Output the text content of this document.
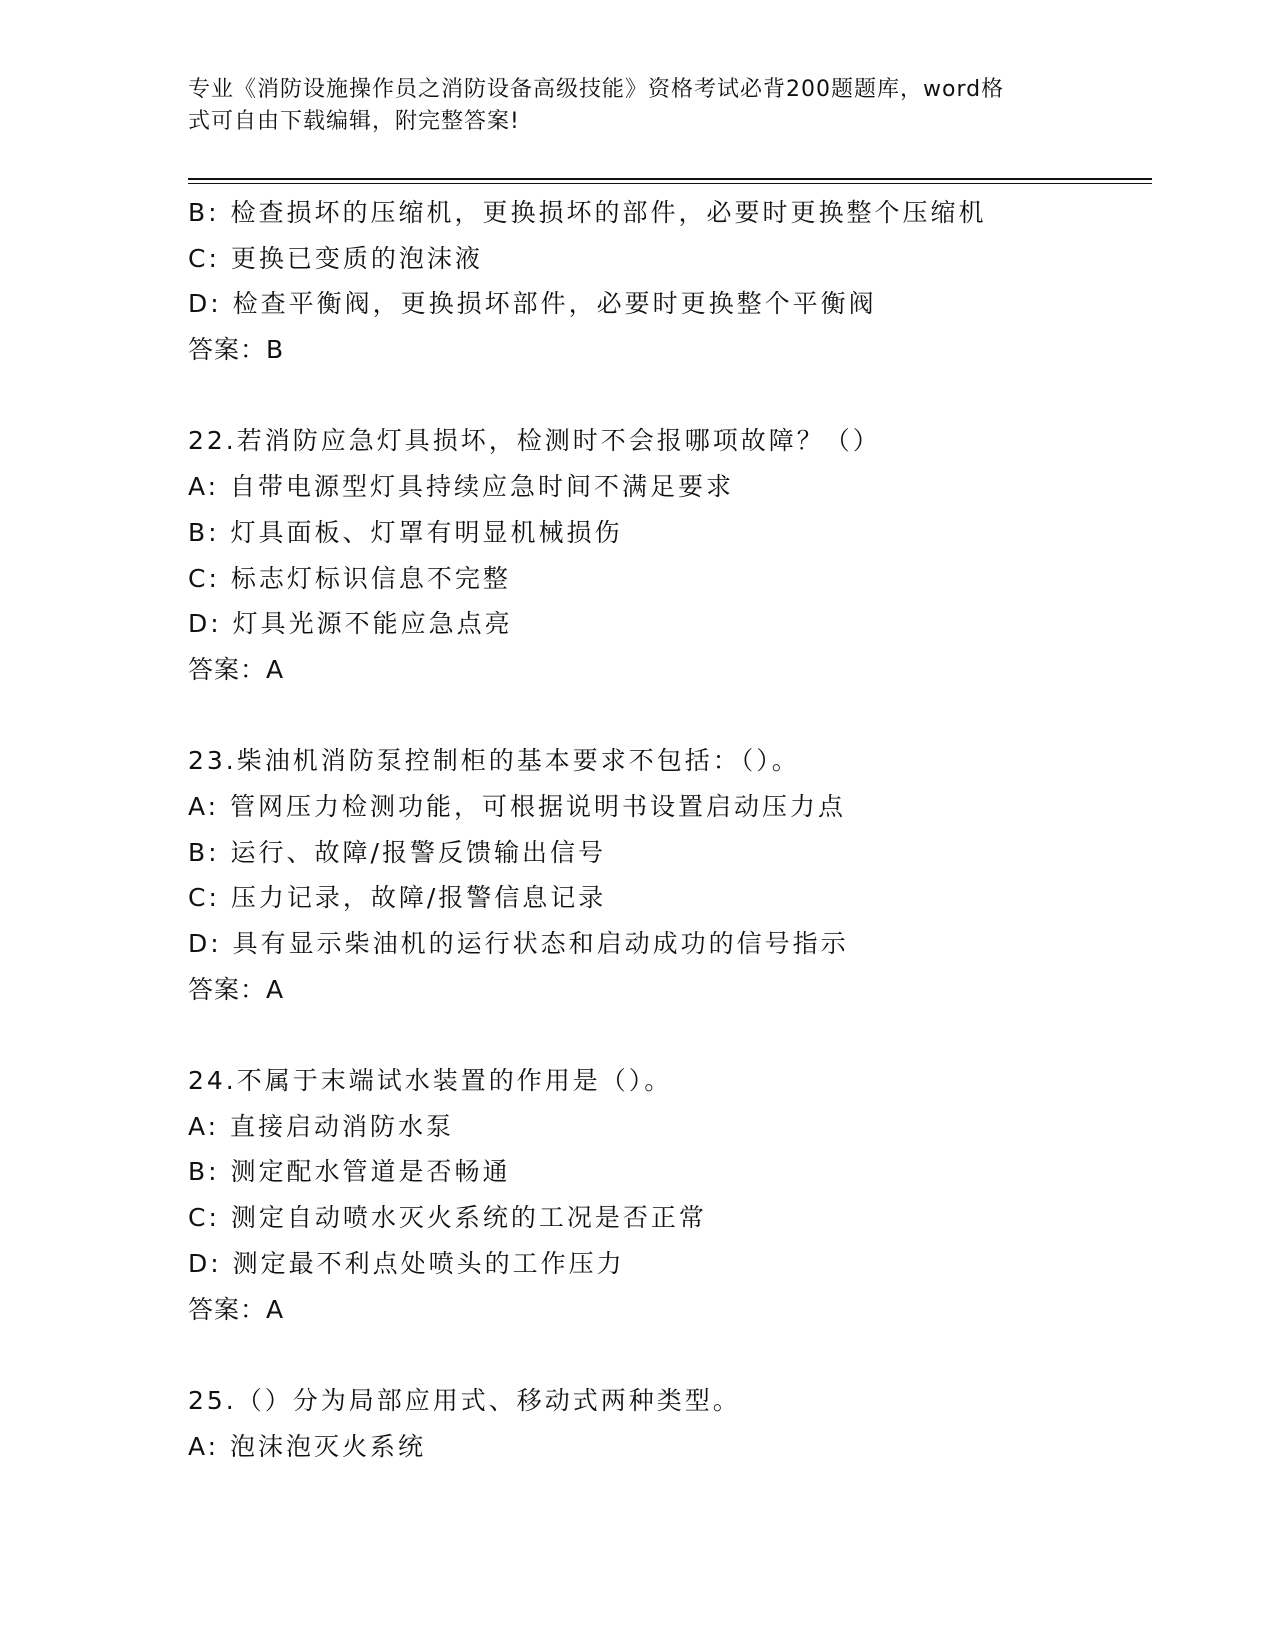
专业《消防设施操作员之消防设备高级技能》资格考试必背200题题库，word格
式可自由下载编辑，附完整答案!
B: 检查损坏的压缩机，更换损坏的部件，必要时更换整个压缩机
C: 更换已变质的泡沫液
D: 检查平衡阀，更换损坏部件，必要时更换整个平衡阀
答案：B
22.若消防应急灯具损坏，检测时不会报哪项故障？（）
A: 自带电源型灯具持续应急时间不满足要求
B: 灯具面板、灯罩有明显机械损伤
C: 标志灯标识信息不完整
D: 灯具光源不能应急点亮
答案：A
23.柴油机消防泵控制柜的基本要求不包括：（）。
A: 管网压力检测功能，可根据说明书设置启动压力点
B: 运行、故障/报警反馈输出信号
C: 压力记录，故障/报警信息记录
D: 具有显示柴油机的运行状态和启动成功的信号指示
答案：A
24.不属于末端试水装置的作用是（）。
A: 直接启动消防水泵
B: 测定配水管道是否畅通
C: 测定自动喷水灭火系统的工况是否正常
D: 测定最不利点处喷头的工作压力
答案：A
25.（）分为局部应用式、移动式两种类型。
A: 泡沫泡灭火系统
